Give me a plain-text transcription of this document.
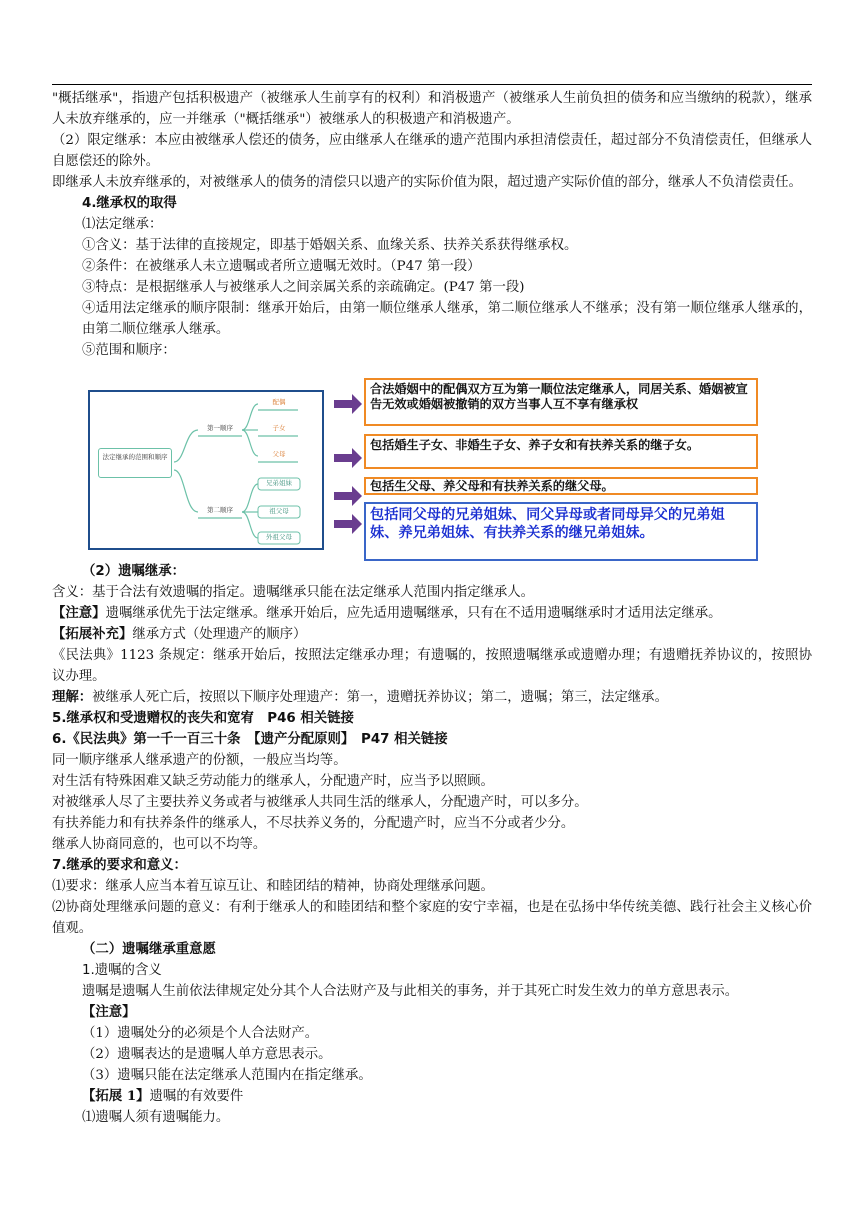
"概括继承"，指遗产包括积极遗产（被继承人生前享有的权利）和消极遗产（被继承人生前负担的债务和应当缴纳的税款），继承人未放弃继承的，应一并继承（"概括继承"）被继承人的积极遗产和消极遗产。

（2）限定继承：本应由被继承人偿还的债务，应由继承人在继承的遗产范围内承担清偿责任，超过部分不负清偿责任，但继承人自愿偿还的除外。

即继承人未放弃继承的，对被继承人的债务的清偿只以遗产的实际价值为限，超过遗产实际价值的部分，继承人不负清偿责任。

4.继承权的取得

⑴法定继承：

①含义：基于法律的直接规定，即基于婚姻关系、血缘关系、扶养关系获得继承权。

②条件：在被继承人未立遗嘱或者所立遗嘱无效时。（P47 第一段）

③特点：是根据继承人与被继承人之间亲属关系的亲疏确定。(P47 第一段)

④适用法定继承的顺序限制：继承开始后，由第一顺位继承人继承，第二顺位继承人不继承；没有第一顺位继承人继承的，由第二顺位继承人继承。

⑤范围和顺序：

法定继承的范围和顺序
第一顺序
第二顺序
配偶
子女
父母
兄弟姐妹
祖父母
外祖父母
合法婚姻中的配偶双方互为第一顺位法定继承人，同居关系、婚姻被宣告无效或婚姻被撤销的双方当事人互不享有继承权
包括婚生子女、非婚生子女、养子女和有扶养关系的继子女。
包括生父母、养父母和有扶养关系的继父母。
包括同父母的兄弟姐妹、同父异母或者同母异父的兄弟姐妹、养兄弟姐妹、有扶养关系的继兄弟姐妹。

（2）遗嘱继承：

含义：基于合法有效遗嘱的指定。遗嘱继承只能在法定继承人范围内指定继承人。

【注意】遗嘱继承优先于法定继承。继承开始后，应先适用遗嘱继承，只有在不适用遗嘱继承时才适用法定继承。

【拓展补充】继承方式（处理遗产的顺序）

《民法典》1123 条规定：继承开始后，按照法定继承办理；有遗嘱的，按照遗嘱继承或遗赠办理；有遗赠抚养协议的，按照协议办理。

理解：被继承人死亡后，按照以下顺序处理遗产：第一，遗赠抚养协议；第二，遗嘱；第三，法定继承。

5.继承权和受遗赠权的丧失和宽宥　P46 相关链接

6.《民法典》第一千一百三十条　【遗产分配原则】　P47 相关链接

同一顺序继承人继承遗产的份额，一般应当均等。

对生活有特殊困难又缺乏劳动能力的继承人，分配遗产时，应当予以照顾。

对被继承人尽了主要扶养义务或者与被继承人共同生活的继承人，分配遗产时，可以多分。

有扶养能力和有扶养条件的继承人，不尽扶养义务的，分配遗产时，应当不分或者少分。

继承人协商同意的，也可以不均等。

7.继承的要求和意义：

⑴要求：继承人应当本着互谅互让、和睦团结的精神，协商处理继承问题。

⑵协商处理继承问题的意义：有利于继承人的和睦团结和整个家庭的安宁幸福，也是在弘扬中华传统美德、践行社会主义核心价值观。

（二）遗嘱继承重意愿

1.遗嘱的含义

遗嘱是遗嘱人生前依法律规定处分其个人合法财产及与此相关的事务，并于其死亡时发生效力的单方意思表示。

【注意】

（1）遗嘱处分的必须是个人合法财产。

（2）遗嘱表达的是遗嘱人单方意思表示。

（3）遗嘱只能在法定继承人范围内在指定继承。

【拓展 1】遗嘱的有效要件

⑴遗嘱人须有遗嘱能力。
